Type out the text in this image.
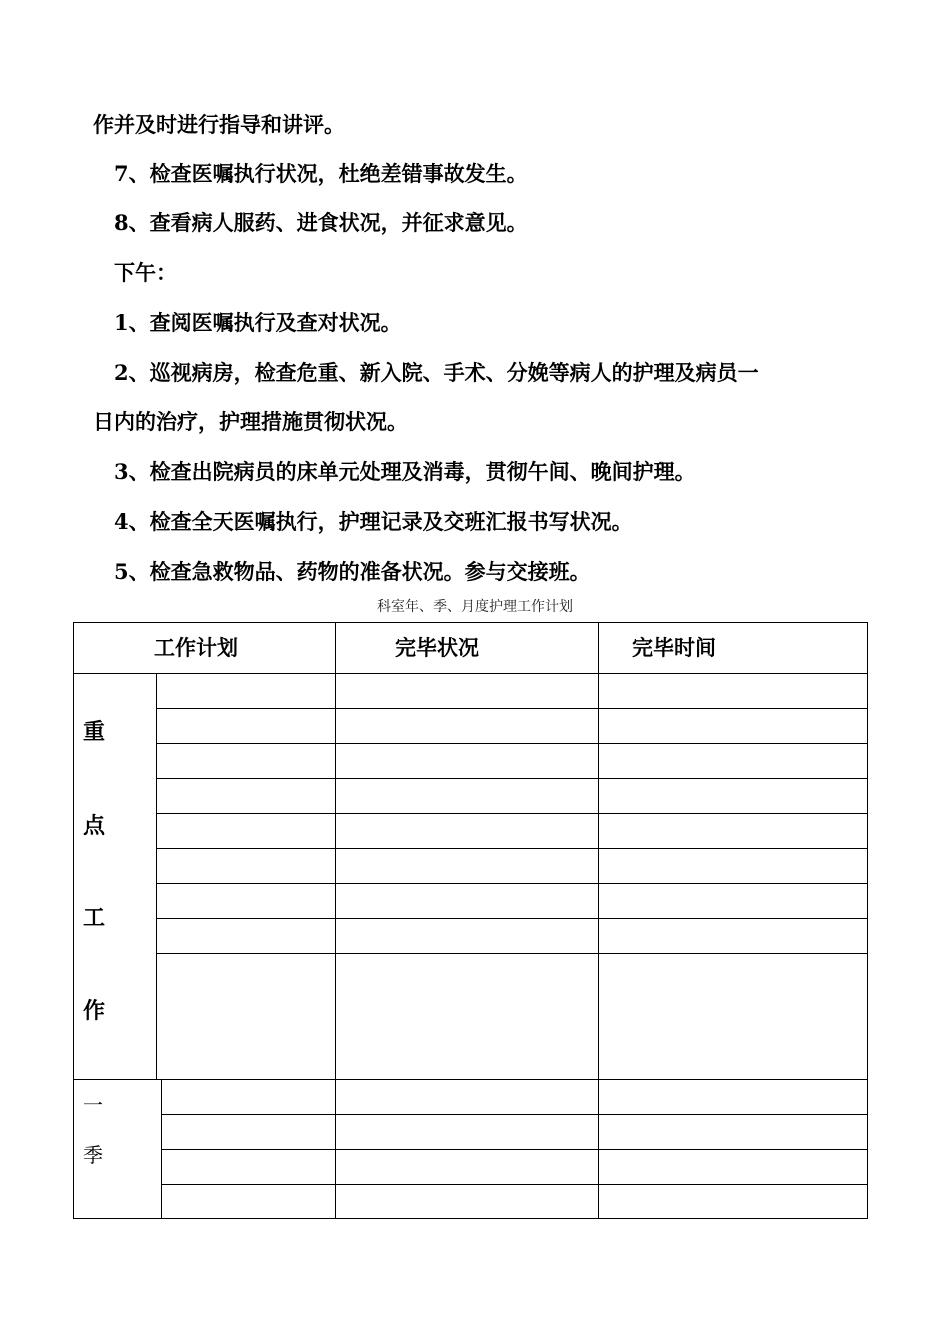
作并及时进行指导和讲评。
7、检查医嘱执行状况，杜绝差错事故发生。
8、查看病人服药、进食状况，并征求意见。
下午：
1、查阅医嘱执行及查对状况。
2、巡视病房，检查危重、新入院、手术、分娩等病人的护理及病员一
日内的治疗，护理措施贯彻状况。
3、检查出院病员的床单元处理及消毒，贯彻午间、晚间护理。
4、检查全天医嘱执行，护理记录及交班汇报书写状况。
5、检查急救物品、药物的准备状况。参与交接班。
科室年、季、月度护理工作计划
工作计划	完毕状况	完毕时间
重
点
工
作
一
季
